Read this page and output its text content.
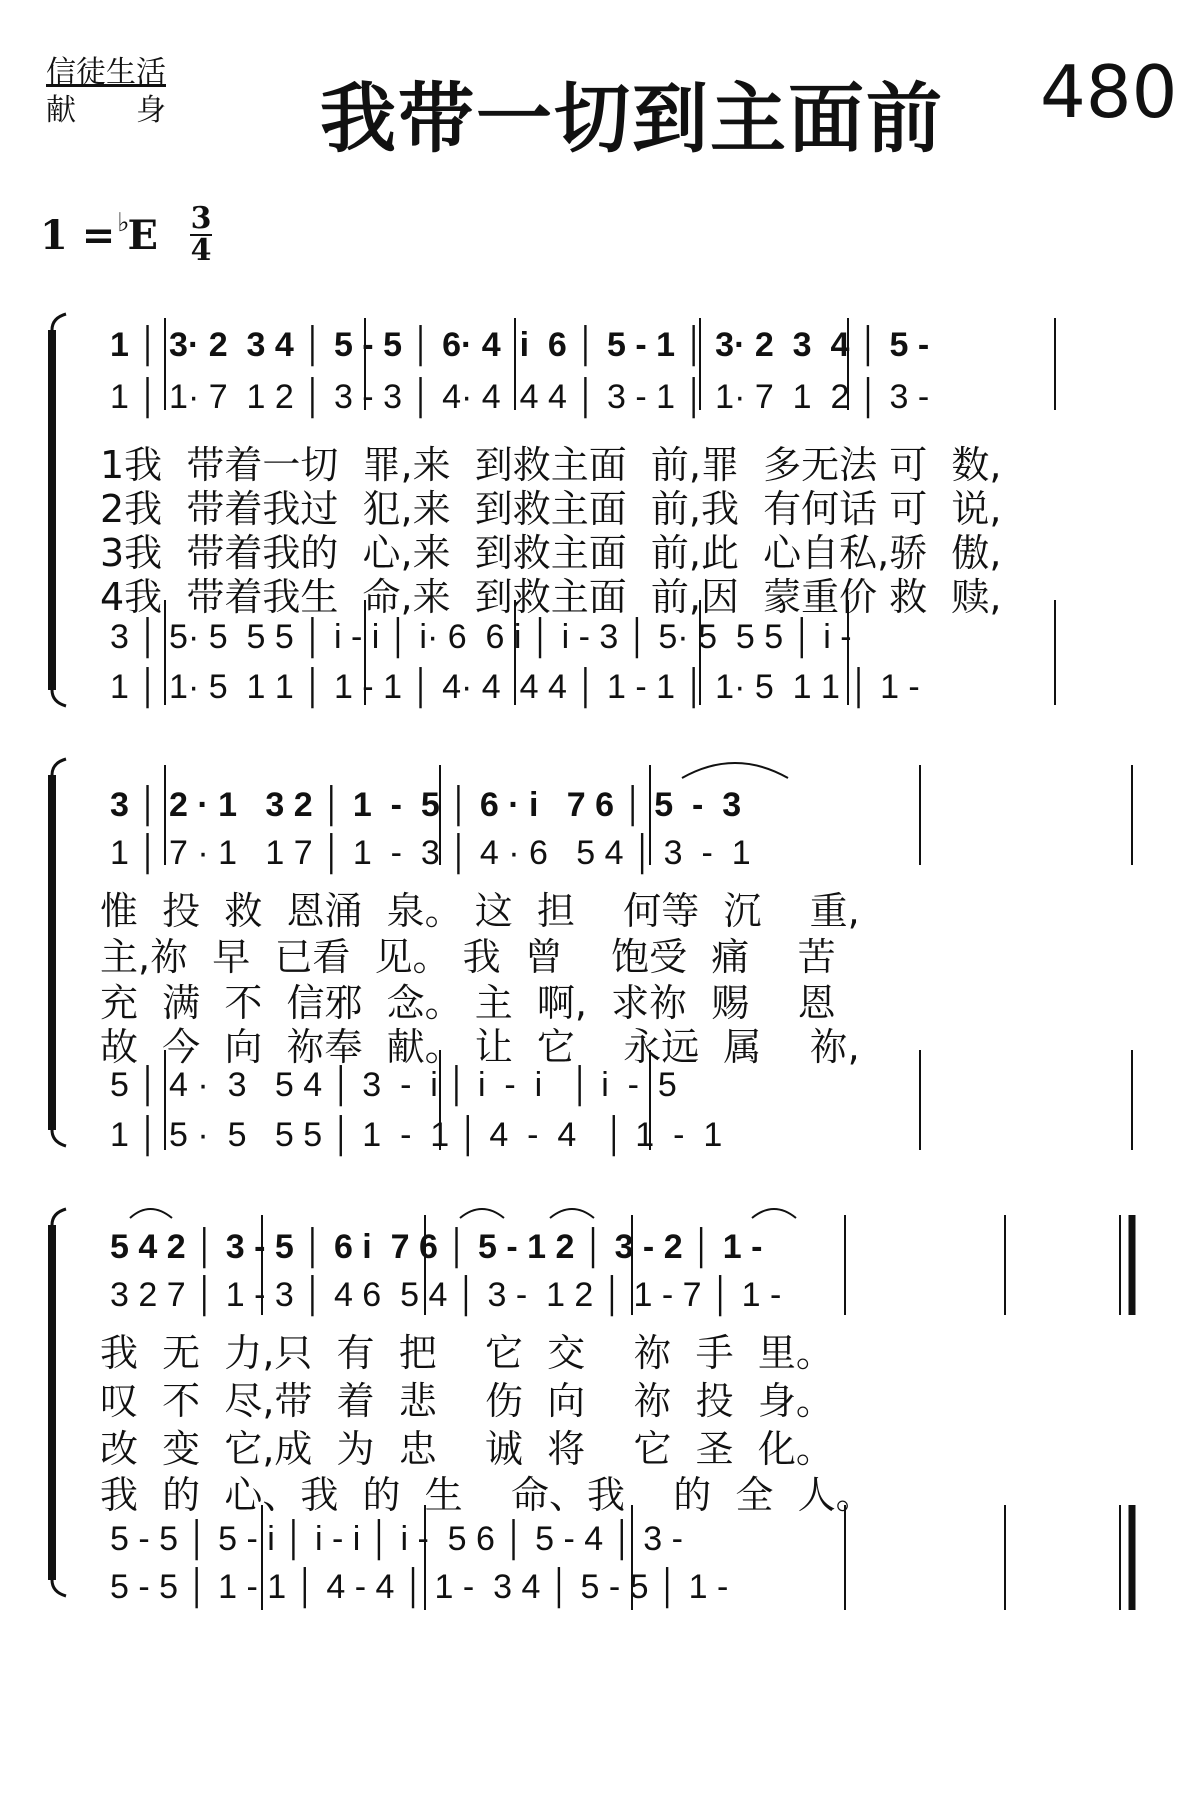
信徒生活
献 身 我带一切到主面前 480
1 =♭E 3
4
1 │ 3· 2  3 4 │ 5 - 5 │ 6· 4  i  6 │ 5 - 1 │ 3· 2  3  4 │ 5 -
1 │ 1· 7  1 2 │ 3 - 3 │ 4· 4  4 4 │ 3 - 1 │ 1· 7  1  2 │ 3 -
1我  带着一切  罪,来  到救主面  前,罪  多无法 可  数,
2我  带着我过  犯,来  到救主面  前,我  有何话 可  说,
3我  带着我的  心,来  到救主面  前,此  心自私,骄  傲,
4我  带着我生  命,来  到救主面  前,因  蒙重价 救  赎,
3 │ 5· 5  5 5 │ i - i │ i· 6  6 i │ i - 3 │ 5· 5  5 5 │ i -
1 │ 1· 5  1 1 │ 1 - 1 │ 4· 4  4 4 │ 1 - 1 │ 1· 5  1 1 │ 1 -
3 │ 2 · 1   3 2 │ 1  -  5 │ 6 · i   7 6 │ 5  -  3
1 │ 7 · 1   1 7 │ 1  -  3 │ 4 · 6   5 4 │ 3  -  1
惟  投  救  恩涌  泉。 这  担    何等  沉    重,
主,祢  早  已看  见。 我  曾    饱受  痛    苦
充  满  不  信邪  念。 主  啊,  求祢  赐    恩
故  今  向  祢奉  献。 让  它    永远  属    祢,
5 │ 4 ·  3   5 4 │ 3  -  i │ i  -  i   │ i  -  5
1 │ 5 ·  5   5 5 │ 1  -  1 │ 4  -  4   │ 1  -  1
5 4 2 │ 3 - 5 │ 6 i  7 6 │ 5 - 1 2 │ 3 - 2 │ 1 -
3 2 7 │ 1 - 3 │ 4 6  5 4 │ 3 -  1 2 │ 1 - 7 │ 1 -
我  无  力,只  有  把    它  交    祢  手  里。
叹  不  尽,带  着  悲    伤  向    祢  投  身。
改  变  它,成  为  忠    诚  将    它  圣  化。
我  的  心、我  的  生    命、我    的  全  人。
5 - 5 │ 5 - i │ i - i │ i -  5 6 │ 5 - 4 │ 3 -
5 - 5 │ 1 - 1 │ 4 - 4 │ 1 -  3 4 │ 5 - 5 │ 1 -
